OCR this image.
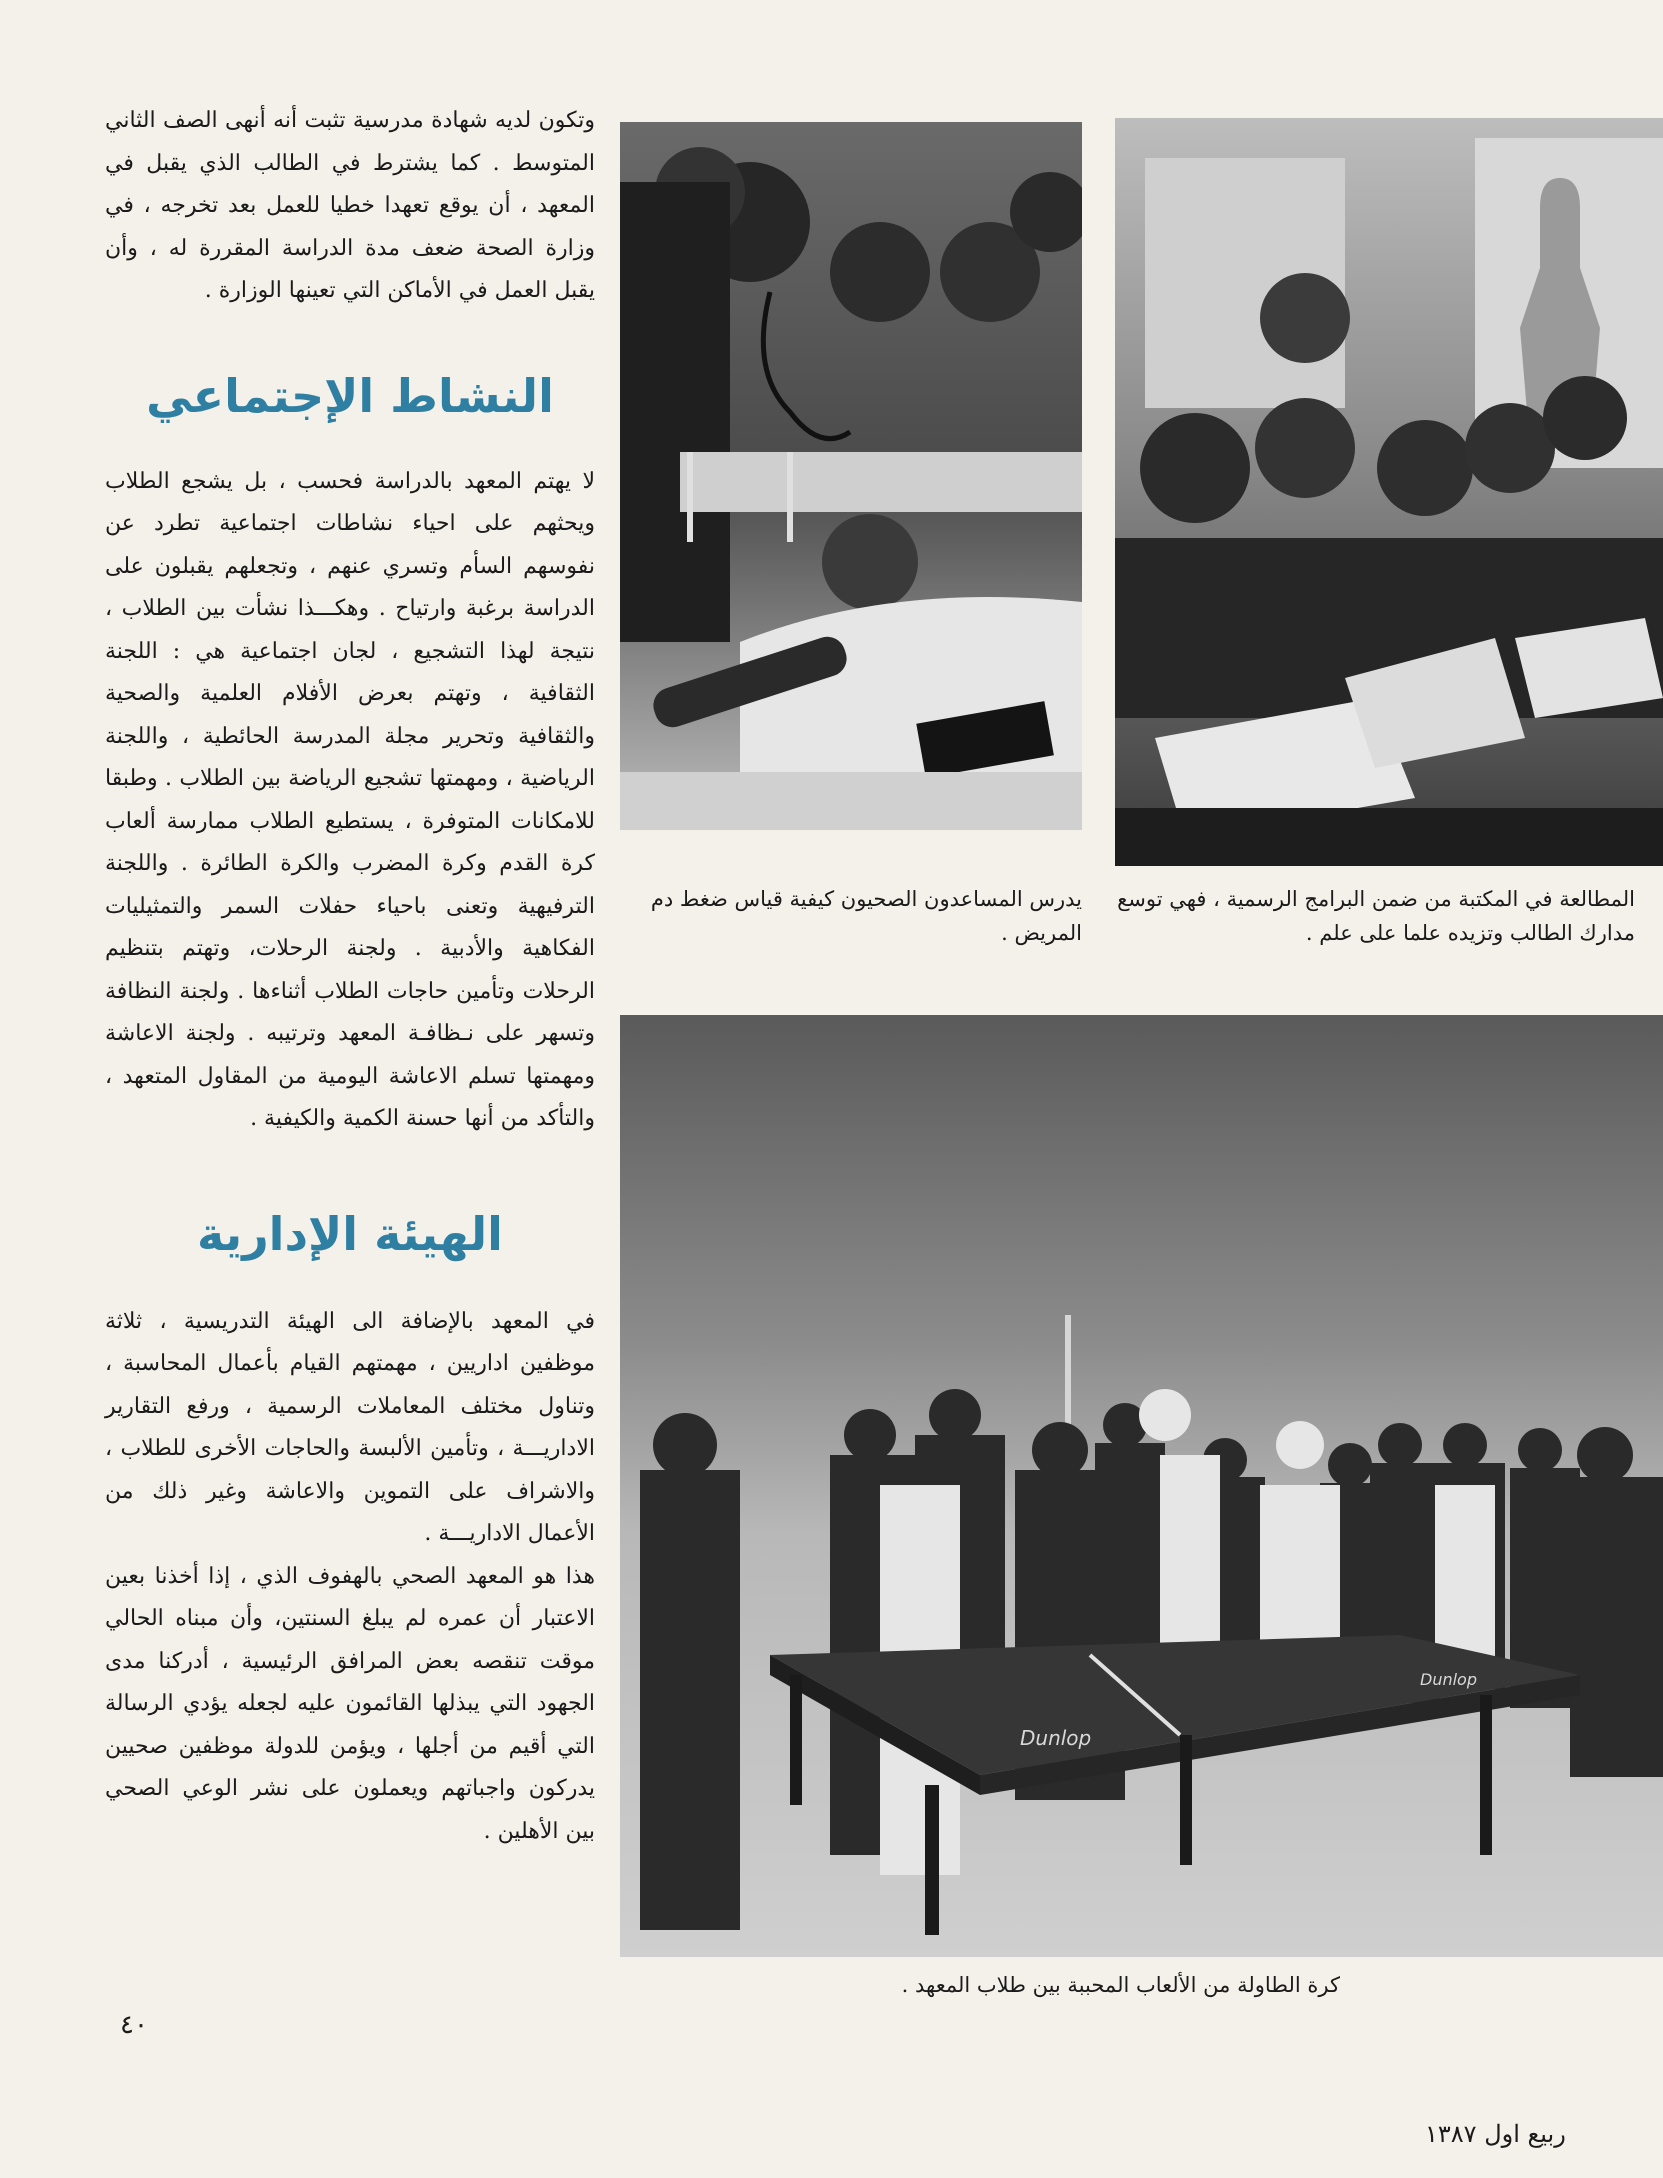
وتكون لديه شهادة مدرسية تثبت أنه أنهى الصف الثاني المتوسط . كما يشترط في الطالب الذي يقبل في المعهد ، أن يوقع تعهدا خطيا للعمل بعد تخرجه ، في وزارة الصحة ضعف مدة الدراسة المقررة له ، وأن يقبل العمل في الأماكن التي تعينها الوزارة .

النشاط الإجتماعي

لا يهتم المعهد بالدراسة فحسب ، بل يشجع الطلاب ويحثهم على احياء نشاطات اجتماعية تطرد عن نفوسهم السأم وتسري عنهم ، وتجعلهم يقبلون على الدراسة برغبة وارتياح . وهكـــذا نشأت بين الطلاب ، نتيجة لهذا التشجيع ، لجان اجتماعية هي : اللجنة الثقافية ، وتهتم بعرض الأفلام العلمية والصحية والثقافية وتحرير مجلة المدرسة الحائطية ، واللجنة الرياضية ، ومهمتها تشجيع الرياضة بين الطلاب . وطبقا للامكانات المتوفرة ، يستطيع الطلاب ممارسة ألعاب كرة القدم وكرة المضرب والكرة الطائرة . واللجنة الترفيهية وتعنى باحياء حفلات السمر والتمثيليات الفكاهية والأدبية . ولجنة الرحلات، وتهتم بتنظيم الرحلات وتأمين حاجات الطلاب أثناءها . ولجنة النظافة وتسهر على نـظافـة المعهد وترتيبه . ولجنة الاعاشة ومهمتها تسلم الاعاشة اليومية من المقاول المتعهد ، والتأكد من أنها حسنة الكمية والكيفية .

الهيئة الإدارية

في المعهد بالإضافة الى الهيئة التدريسية ، ثلاثة موظفين اداريين ، مهمتهم القيام بأعمال المحاسبة ، وتناول مختلف المعاملات الرسمية ، ورفع التقارير الاداريـــة ، وتأمين الألبسة والحاجات الأخرى للطلاب ، والاشراف على التموين والاعاشة وغير ذلك من الأعمال الاداريـــة .

هذا هو المعهد الصحي بالهفوف الذي ، إذا أخذنا بعين الاعتبار أن عمره لم يبلغ السنتين، وأن مبناه الحالي موقت تنقصه بعض المرافق الرئيسية ، أدركنا مدى الجهود التي يبذلها القائمون عليه لجعله يؤدي الرسالة التي أقيم من أجلها ، ويؤمن للدولة موظفين صحيين يدركون واجباتهم ويعملون على نشر الوعي الصحي بين الأهلين .

Dunlop
Dunlop

المطالعة في المكتبة من ضمن البرامج الرسمية ، فهي توسع مدارك الطالب وتزيده علما على علم .

يدرس المساعدون الصحيون كيفية قياس ضغط دم المريض .

كرة الطاولة من الألعاب المحببة بين طلاب المعهد .

٤٠
ربيع اول ١٣٨٧
